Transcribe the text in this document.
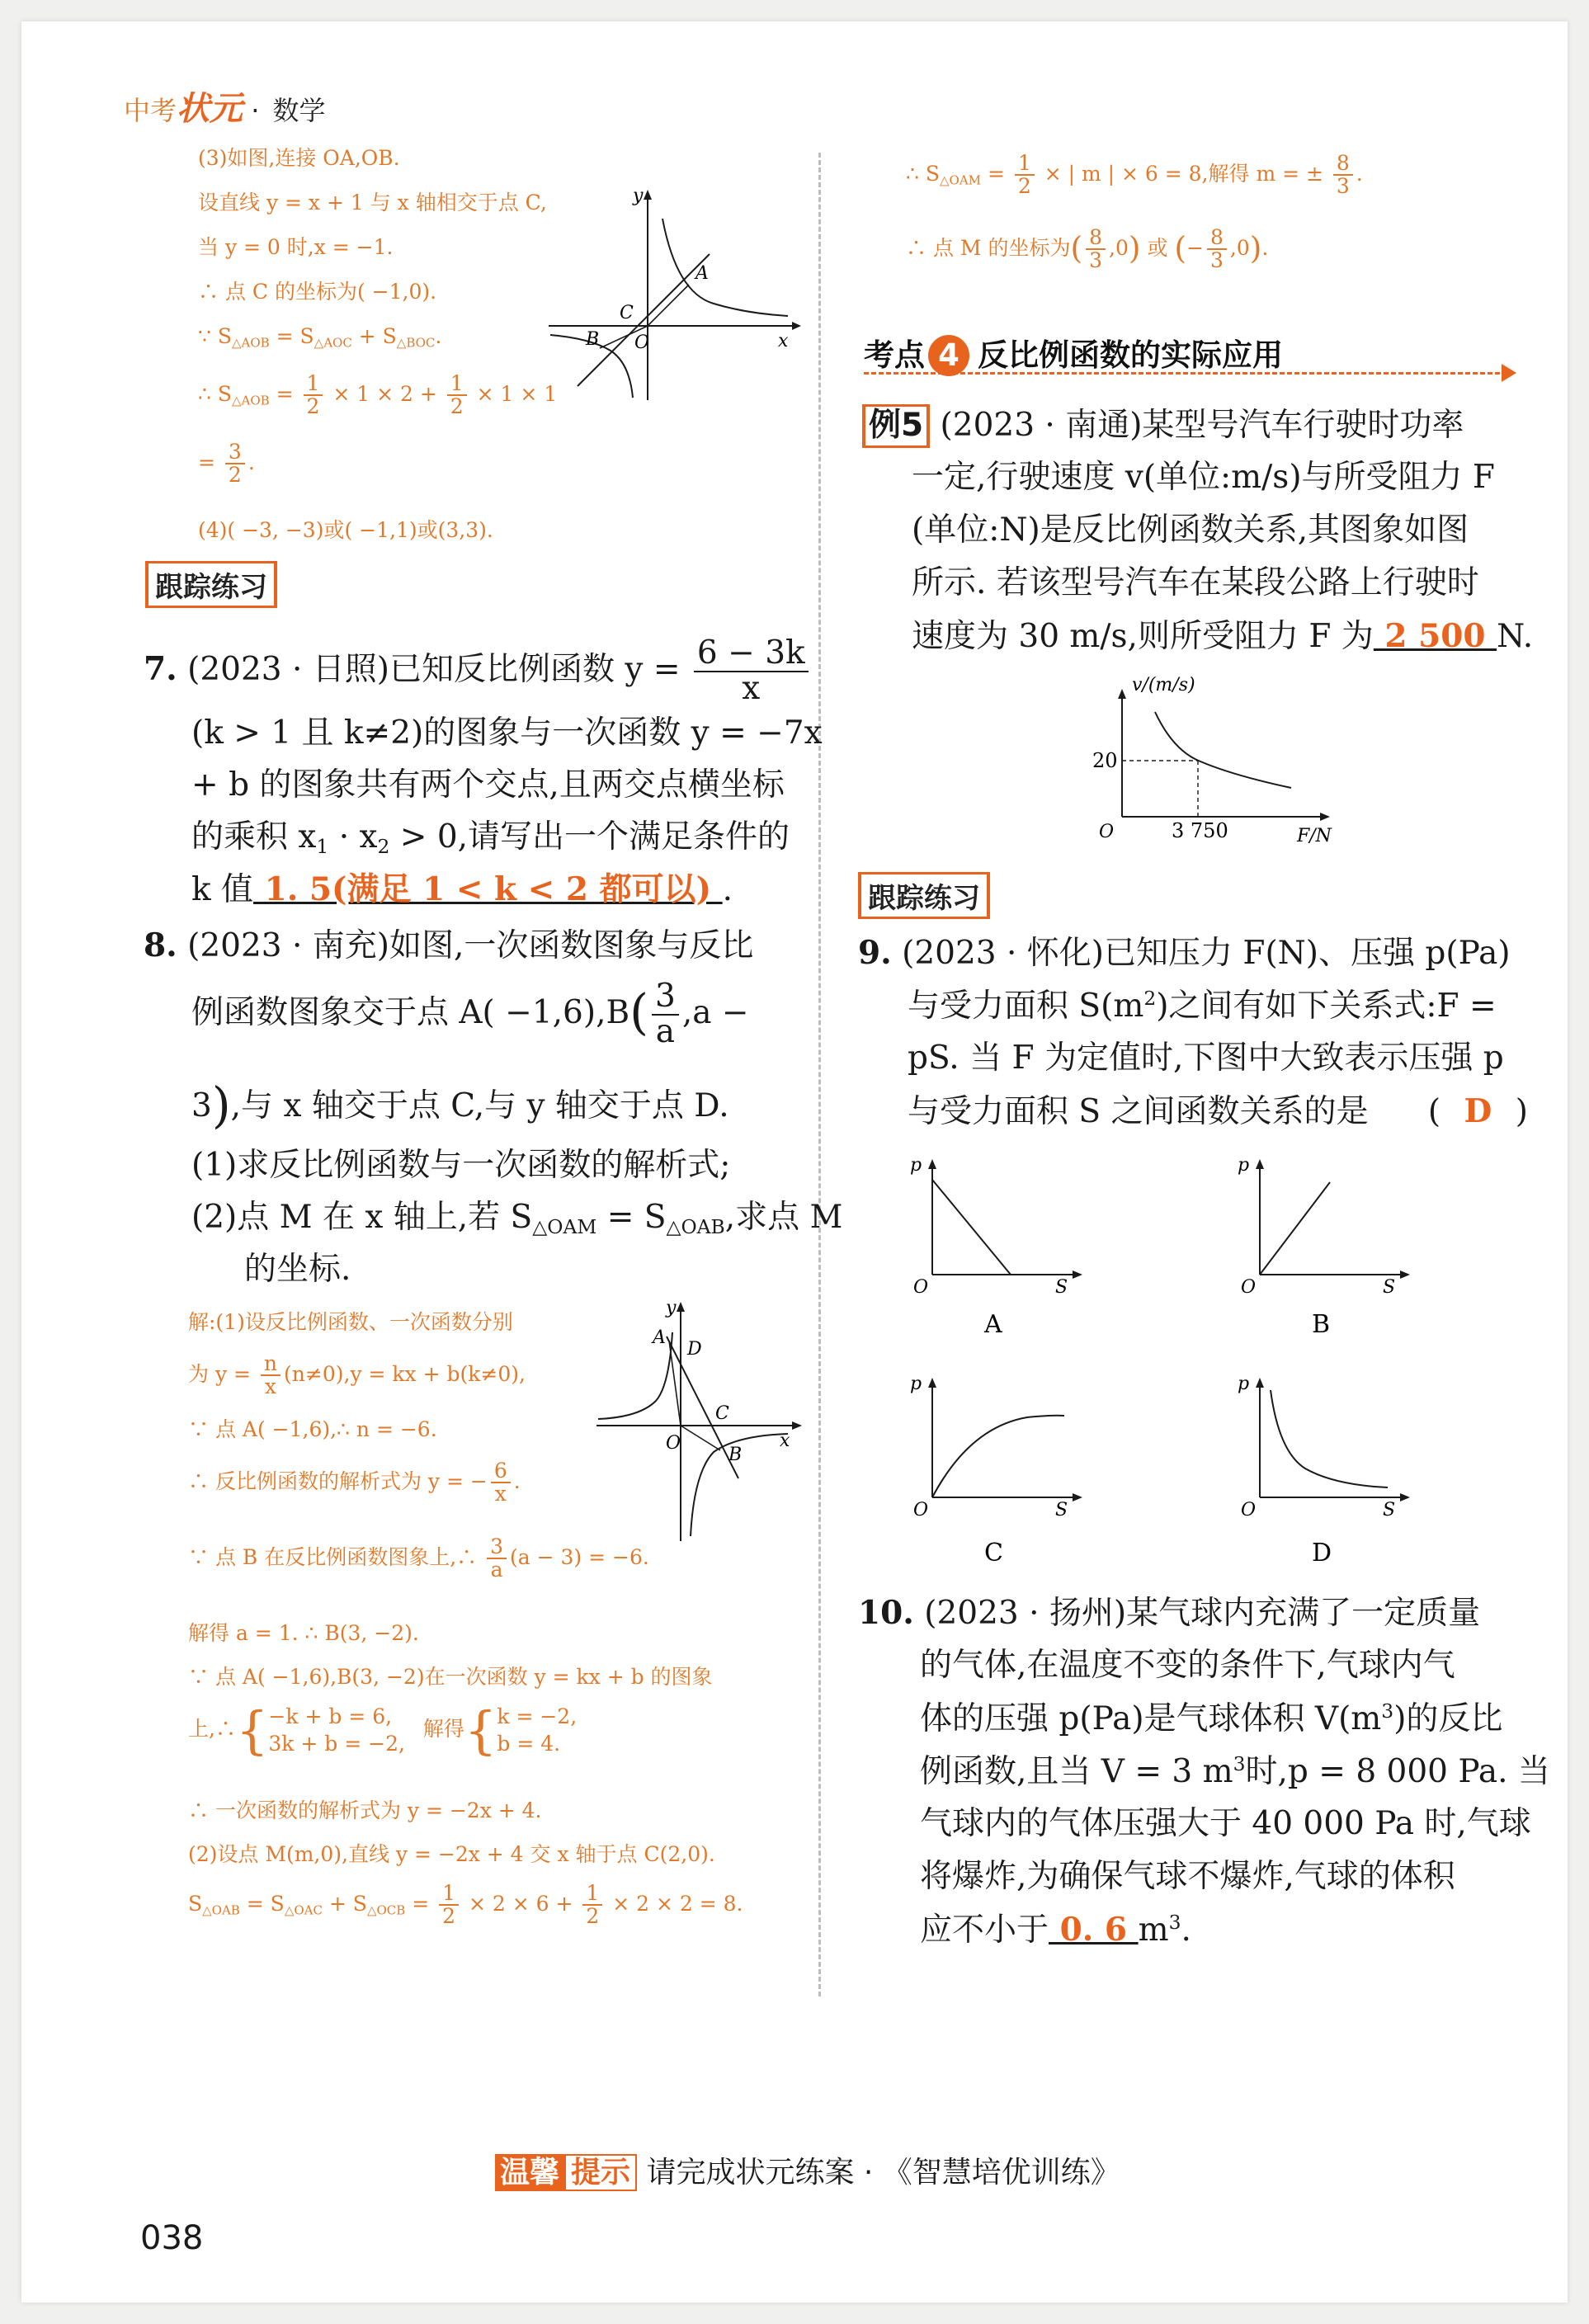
中考状元 · 数学
(3)如图,连接 OA,OB.
设直线 y = x + 1 与 x 轴相交于点 C,
当 y = 0 时,x = −1.
∴ 点 C 的坐标为( −1,0).
∵ $S_{\triangle AOB} = S_{\triangle AOC} + S_{\triangle BOC}$.
∴ $S_{\triangle AOB} = \frac{1}{2} \times 1 \times 2 + \frac{1}{2} \times 1 \times 1$
= $\frac{3}{2}$ .
(4)( −3, −3)或( −1,1)或(3,3).
y
x
A
B
C
O
跟踪练习
7. (2023 · 日照)已知反比例函数 $y = \frac{6 - 3k}{x}$
(k > 1 且 k≠2)的图象与一次函数 y = −7x
+ b 的图象共有两个交点,且两交点横坐标
的乘积 $x_1 \cdot x_2 > 0$,请写出一个满足条件的
k 值 1. 5(满足 1 < k < 2 都可以) .
8. (2023 · 南充)如图,一次函数图象与反比
例函数图象交于点 $A( -1,6),B( \frac{3}{a} ,a$ −
3),与 x 轴交于点 C,与 y 轴交于点 D.
(1)求反比例函数与一次函数的解析式;
(2)点 M 在 x 轴上,若 $S_{\triangle OAM} = S_{\triangle OAB}$,求点 M
的坐标.
解:(1)设反比例函数、一次函数分别
为 $y = \frac{n}{x} (n\ne 0),y$ = kx + b(k≠0),
∵ 点 A( −1,6),∴ n = −6.
∴ 反比例函数的解析式为 y = − $\frac{6}{x}$ .
∵ 点 B 在反比例函数图象上,∴ $\frac{3}{a} (a - 3) = -6$.
解得 a = 1. ∴ B(3, −2).
∵ 点 A( −1,6),B(3, −2)在一次函数 y = kx + b 的图象
上,∴{−k + b = 6,
3k + b = −2, 解得{k = −2,
b = 4.
∴ 一次函数的解析式为 y = −2x + 4.
(2)设点 M(m,0),直线 y = −2x + 4 交 x 轴于点 C(2,0).
$S_{\triangle OAB} = S_{\triangle OAC} + S_{\triangle OCB} = \frac{1}{2} \times 2 \times 6 + \frac{1}{2} \times 2 \times 2 = 8$.
y
x
A
D
C
B
O
∴ $S_{\triangle OAM} = \frac{1}{2}$ × | m | × 6 = 8,解得 m = ± $\frac{8}{3}$ .
∴ 点 M 的坐标为( $\frac{8}{3} ,0$) 或 (− $\frac{8}{3} ,0$).
考点 4 反比例函数的实际应用
例5 (2023 · 南通)某型号汽车行驶时功率
一定,行驶速度 v(单位:m/s)与所受阻力 F
(单位:N)是反比例函数关系,其图象如图
所示. 若该型号汽车在某段公路上行驶时
速度为 30 m/s,则所受阻力 F 为 2 500 N.
v/(m/s)
F/N
20
3 750
O
跟踪练习
9. (2023 · 怀化)已知压力 F(N)、压强 p(Pa)
与受力面积 $S(m^2)$之间有如下关系式:F =
pS. 当 F 为定值时,下图中大致表示压强 p
与受力面积 S 之间函数关系的是 ( D )
p
S
O
A
p
S
O
B
p
S
O
C
p
S
O
D
10. (2023 · 扬州)某气球内充满了一定质量
的气体,在温度不变的条件下,气球内气
体的压强 p(Pa)是气球体积 $V(m^3)$的反比
例函数,且当 V = 3 $m^3$时,p = 8 000 Pa. 当
气球内的气体压强大于 40 000 Pa 时,气球
将爆炸,为确保气球不爆炸,气球的体积
应不小于 0. 6 $m^3$.
温馨 提示 请完成状元练案 · 《智慧培优训练》
038
